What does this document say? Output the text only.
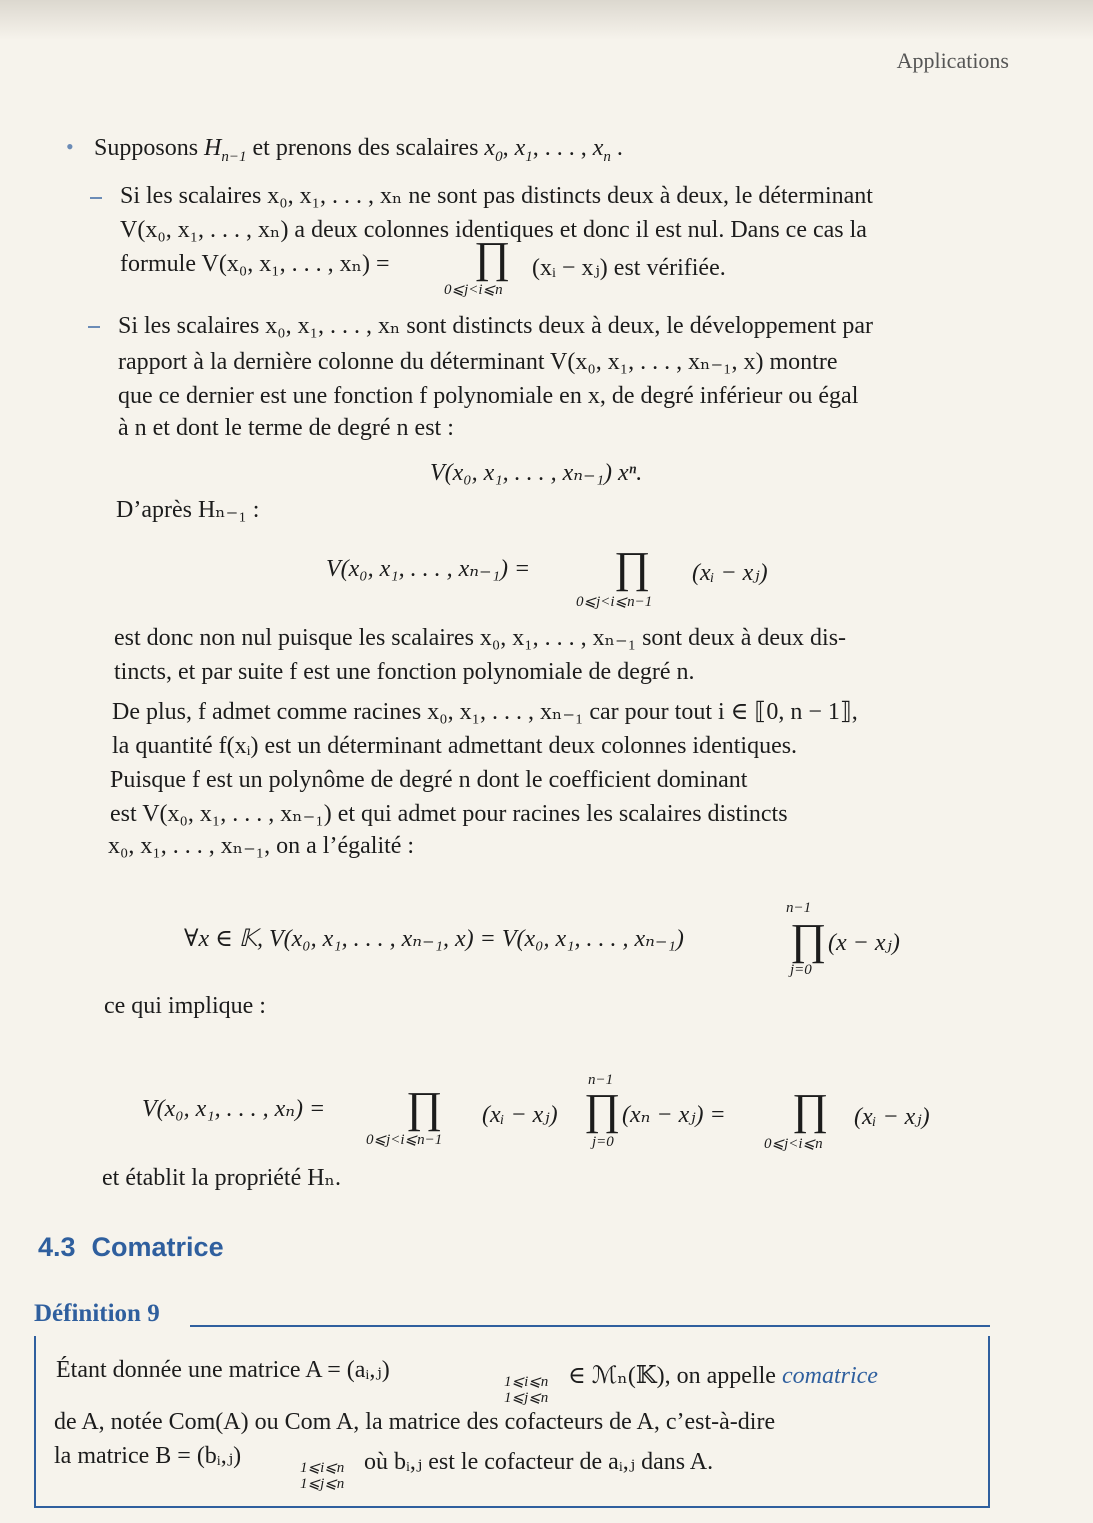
Applications
• Supposons $H_{n-1}$ et prenons des scalaires $x_0$, $x_1$, . . . , $x_n$ .
Si les scalaires x₀, x₁, . . . , xₙ ne sont pas distincts deux à deux, le déterminant
V(x₀, x₁, . . . , xₙ) a deux colonnes identiques et donc il est nul. Dans ce cas la
formule V(x₀, x₁, . . . , xₙ) = ∏ (xᵢ − xⱼ) est vérifiée.
0⩽j<i⩽n
Si les scalaires x₀, x₁, . . . , xₙ sont distincts deux à deux, le développement par
rapport à la dernière colonne du déterminant V(x₀, x₁, . . . , xₙ₋₁, x) montre
que ce dernier est une fonction f polynomiale en x, de degré inférieur ou égal
à n et dont le terme de degré n est :
V(x₀, x₁, . . . , xₙ₋₁) xⁿ.
D’après Hₙ₋₁ :
V(x₀, x₁, . . . , xₙ₋₁) = ∏ (xᵢ − xⱼ)
0⩽j<i⩽n−1
est donc non nul puisque les scalaires x₀, x₁, . . . , xₙ₋₁ sont deux à deux dis-
tincts, et par suite f est une fonction polynomiale de degré n.
De plus, f admet comme racines x₀, x₁, . . . , xₙ₋₁ car pour tout i ∈ ⟦0, n − 1⟧,
la quantité f(xᵢ) est un déterminant admettant deux colonnes identiques.
Puisque f est un polynôme de degré n dont le coefficient dominant
est V(x₀, x₁, . . . , xₙ₋₁) et qui admet pour racines les scalaires distincts
x₀, x₁, . . . , xₙ₋₁, on a l’égalité :
n−1
∀x ∈ 𝕂, V(x₀, x₁, . . . , xₙ₋₁, x) = V(x₀, x₁, . . . , xₙ₋₁) ∏ (x − xⱼ)
j=0
ce qui implique :
n−1
V(x₀, x₁, . . . , xₙ) = ∏ (xᵢ − xⱼ) ∏ (xₙ − xⱼ) = ∏ (xᵢ − xⱼ)
0⩽j<i⩽n−1	j=0	0⩽j<i⩽n
et établit la propriété Hₙ.
4.3 Comatrice
Définition 9
Étant donnée une matrice A = (aᵢ,ⱼ)	1⩽i⩽n
1⩽j⩽n
∈ ℳₙ(𝕂), on appelle comatrice
de A, notée Com(A) ou Com A, la matrice des cofacteurs de A, c’est-à-dire
la matrice B = (bᵢ,ⱼ)	1⩽i⩽n
1⩽j⩽n
où bᵢ,ⱼ est le cofacteur de aᵢ,ⱼ dans A.
